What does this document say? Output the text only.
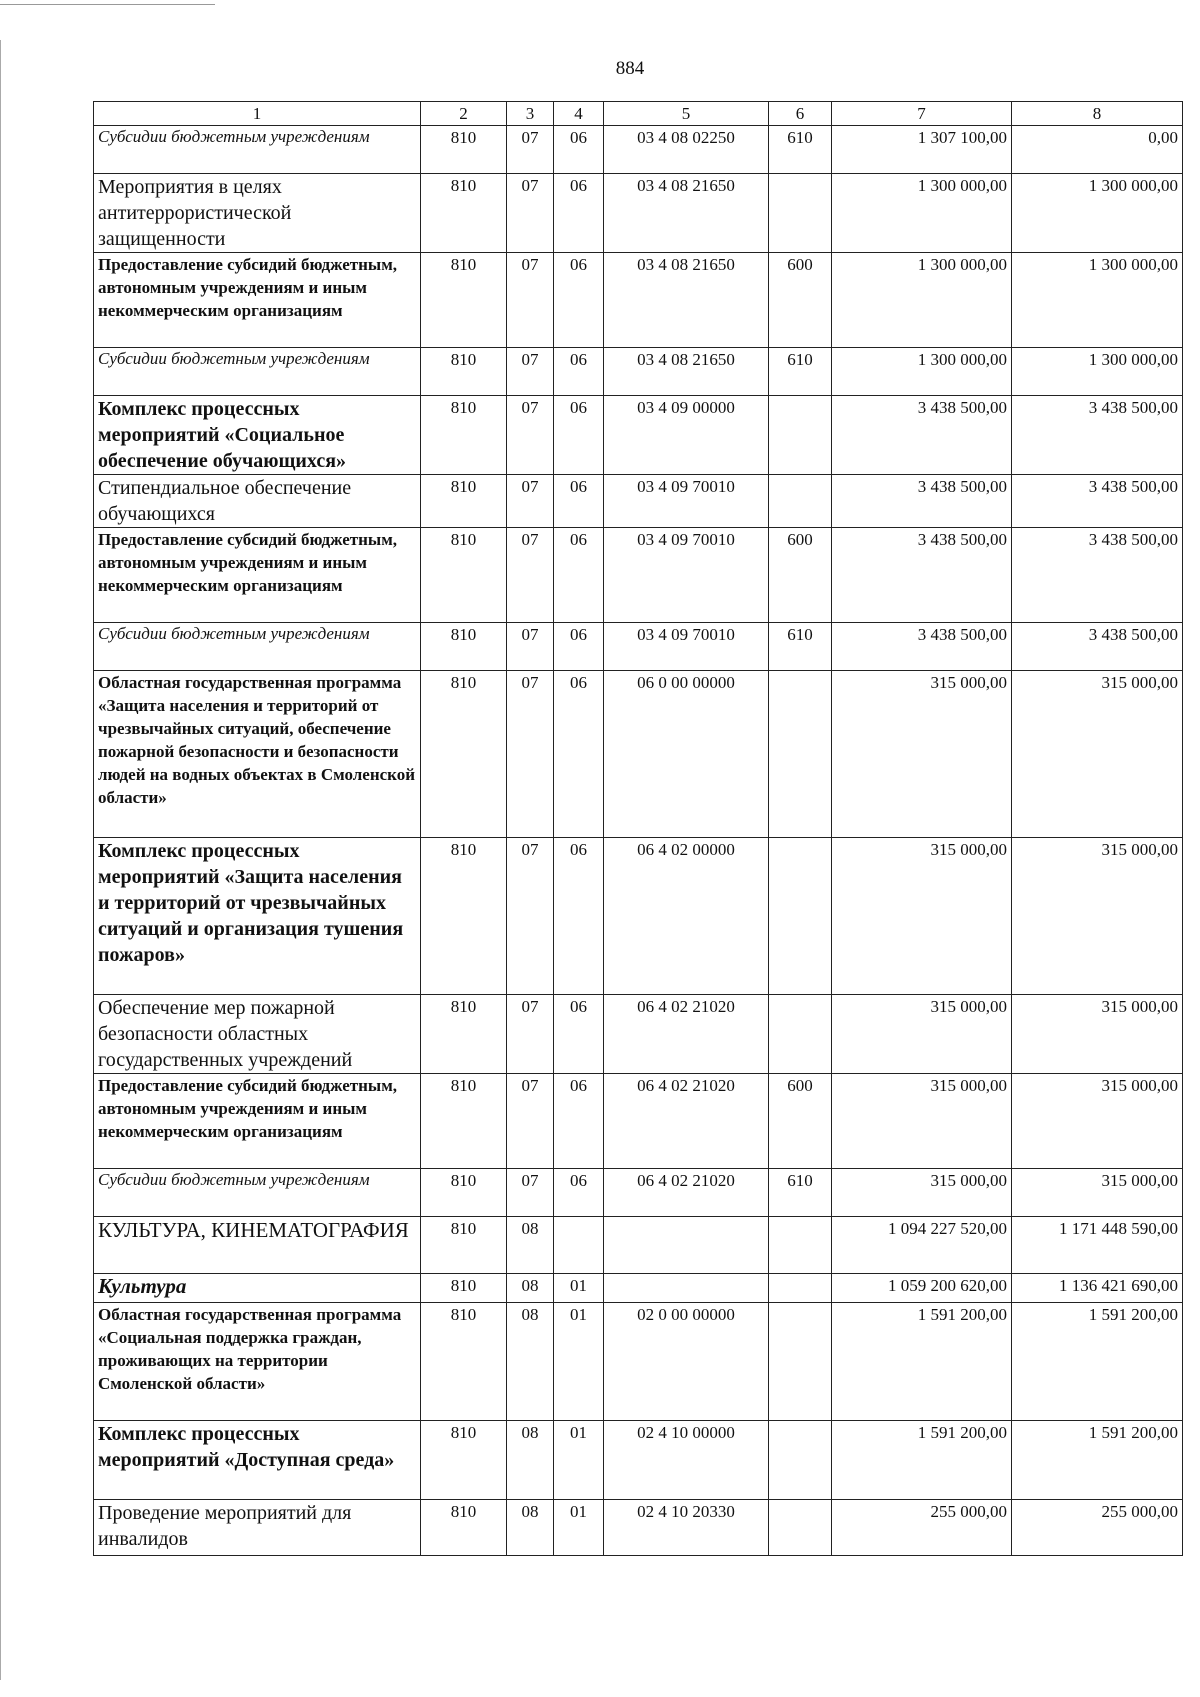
884
1	2	3	4	5	6	7	8
Субсидии бюджетным учреждениям	810	07	06	03 4 08 02250	610	1 307 100,00	0,00
Мероприятия в целях антитеррористической защищенности	810	07	06	03 4 08 21650		1 300 000,00	1 300 000,00
Предоставление субсидий бюджетным, автономным учреждениям и иным некоммерческим организациям	810	07	06	03 4 08 21650	600	1 300 000,00	1 300 000,00
Субсидии бюджетным учреждениям	810	07	06	03 4 08 21650	610	1 300 000,00	1 300 000,00
Комплекс процессных мероприятий «Социальное обеспечение обучающихся»	810	07	06	03 4 09 00000		3 438 500,00	3 438 500,00
Стипендиальное обеспечение обучающихся	810	07	06	03 4 09 70010		3 438 500,00	3 438 500,00
Предоставление субсидий бюджетным, автономным учреждениям и иным некоммерческим организациям	810	07	06	03 4 09 70010	600	3 438 500,00	3 438 500,00
Субсидии бюджетным учреждениям	810	07	06	03 4 09 70010	610	3 438 500,00	3 438 500,00
Областная государственная программа «Защита населения и территорий от чрезвычайных ситуаций, обеспечение пожарной безопасности и безопасности людей на водных объектах в Смоленской области»	810	07	06	06 0 00 00000		315 000,00	315 000,00
Комплекс процессных мероприятий «Защита населения и территорий от чрезвычайных ситуаций и организация тушения пожаров»	810	07	06	06 4 02 00000		315 000,00	315 000,00
Обеспечение мер пожарной безопасности областных государственных учреждений	810	07	06	06 4 02 21020		315 000,00	315 000,00
Предоставление субсидий бюджетным, автономным учреждениям и иным некоммерческим организациям	810	07	06	06 4 02 21020	600	315 000,00	315 000,00
Субсидии бюджетным учреждениям	810	07	06	06 4 02 21020	610	315 000,00	315 000,00
КУЛЬТУРА, КИНЕМАТОГРАФИЯ	810	08				1 094 227 520,00	1 171 448 590,00
Культура	810	08	01			1 059 200 620,00	1 136 421 690,00
Областная государственная программа «Социальная поддержка граждан, проживающих на территории Смоленской области»	810	08	01	02 0 00 00000		1 591 200,00	1 591 200,00
Комплекс процессных мероприятий «Доступная среда»	810	08	01	02 4 10 00000		1 591 200,00	1 591 200,00
Проведение мероприятий для инвалидов	810	08	01	02 4 10 20330		255 000,00	255 000,00
